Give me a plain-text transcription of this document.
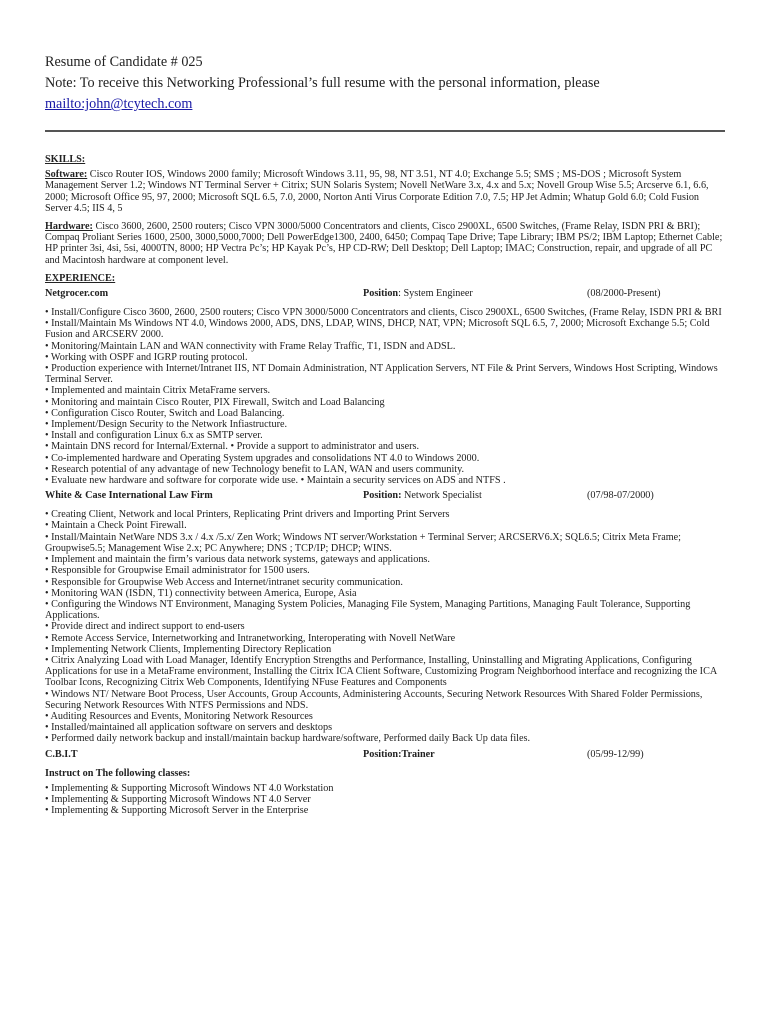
Resume of Candidate # 025
Note: To receive this Networking Professional’s full resume with the personal information, please
mailto:john@tcytech.com
SKILLS:
Software: Cisco Router IOS, Windows 2000 family; Microsoft Windows 3.11, 95, 98, NT 3.51, NT 4.0; Exchange 5.5; SMS ; MS-DOS ; Microsoft System Management Server 1.2; Windows NT Terminal Server + Citrix; SUN Solaris System; Novell NetWare 3.x, 4.x and 5.x; Novell Group Wise 5.5; Arcserve 6.1, 6.6, 2000; Microsoft Office 95, 97, 2000; Microsoft SQL 6.5, 7.0, 2000, Norton Anti Virus Corporate Edition 7.0, 7.5; HP Jet Admin; Whatup Gold 6.0; Cold Fusion Server 4.5; IIS 4, 5
Hardware: Cisco 3600, 2600, 2500 routers; Cisco VPN 3000/5000 Concentrators and clients, Cisco 2900XL, 6500 Switches, (Frame Relay, ISDN PRI & BRI); Compaq Proliant Series 1600, 2500, 3000,5000,7000; Dell PowerEdge1300, 2400, 6450; Compaq Tape Drive; Tape Library; IBM PS/2; IBM Laptop; Ethernet Cable; HP printer 3si, 4si, 5si, 4000TN, 8000; HP Vectra Pc’s; HP Kayak Pc’s, HP CD-RW; Dell Desktop; Dell Laptop; IMAC; Construction, repair, and upgrade of all PC and Macintosh hardware at component level.
EXPERIENCE:
Netgrocer.com	Position: System Engineer	(08/2000-Present)
• Install/Configure Cisco 3600, 2600, 2500 routers; Cisco VPN 3000/5000 Concentrators and clients, Cisco 2900XL, 6500 Switches, (Frame Relay, ISDN PRI & BRI
• Install/Maintain Ms Windows NT 4.0, Windows 2000, ADS, DNS, LDAP, WINS, DHCP, NAT, VPN; Microsoft SQL 6.5, 7, 2000; Microsoft Exchange 5.5; Cold Fusion and ARCSERV 2000.
• Monitoring/Maintain LAN and WAN connectivity with Frame Relay Traffic, T1, ISDN and ADSL.
• Working with OSPF and IGRP routing protocol.
• Production experience with Internet/Intranet IIS, NT Domain Administration, NT Application Servers, NT File & Print Servers, Windows Host Scripting, Windows Terminal Server.
• Implemented and maintain Citrix MetaFrame servers.
• Monitoring and maintain Cisco Router, PIX Firewall, Switch and Load Balancing
• Configuration Cisco Router, Switch and Load Balancing.
• Implement/Design Security to the Network Infiastructure.
• Install and configuration Linux 6.x as SMTP server.
• Maintain DNS record for Internal/External. • Provide a support to administrator and users.
• Co-implemented hardware and Operating System upgrades and consolidations NT 4.0 to Windows 2000.
• Research potential of any advantage of new Technology benefit to LAN, WAN and users community.
• Evaluate new hardware and software for corporate wide use. • Maintain a security services on ADS and NTFS .
White & Case International Law Firm	Position: Network Specialist	(07/98-07/2000)
• Creating Client, Network and local Printers, Replicating Print drivers and Importing Print Servers
• Maintain a Check Point Firewall.
• Install/Maintain NetWare NDS 3.x / 4.x /5.x/ Zen Work; Windows NT server/Workstation + Terminal Server; ARCSERV6.X; SQL6.5; Citrix Meta Frame; Groupwise5.5; Management Wise 2.x; PC Anywhere; DNS ; TCP/IP; DHCP; WINS.
• Implement and maintain the firm’s various data network systems, gateways and applications.
• Responsible for Groupwise Email administrator for 1500 users.
• Responsible for Groupwise Web Access and Internet/intranet security communication.
• Monitoring WAN (ISDN, T1) connectivity between America, Europe, Asia
• Configuring the Windows NT Environment, Managing System Policies, Managing File System, Managing Partitions, Managing Fault Tolerance, Supporting Applications.
• Provide direct and indirect support to end-users
• Remote Access Service, Internetworking and Intranetworking, Interoperating with Novell NetWare
• Implementing Network Clients, Implementing Directory Replication
• Citrix Analyzing Load with Load Manager, Identify Encryption Strengths and Performance, Installing, Uninstalling and Migrating Applications, Configuring Applications for use in a MetaFrame environment, Installing the Citrix ICA Client Software, Customizing Program Neighborhood interface and recognizing the ICA Toolbar Icons, Recognizing Citrix Web Components, Identifying NFuse Features and Components
• Windows NT/ Netware Boot Process, User Accounts, Group Accounts, Administering Accounts, Securing Network Resources With Shared Folder Permissions, Securing Network Resources With NTFS Permissions and NDS.
• Auditing Resources and Events, Monitoring Network Resources
• Installed/maintained all application software on servers and desktops
• Performed daily network backup and install/maintain backup hardware/software, Performed daily Back Up data files.
C.B.I.T	Position:Trainer	(05/99-12/99)
Instruct on The following classes:
• Implementing & Supporting Microsoft Windows NT 4.0 Workstation
• Implementing & Supporting Microsoft Windows NT 4.0 Server
• Implementing & Supporting Microsoft Server in the Enterprise
